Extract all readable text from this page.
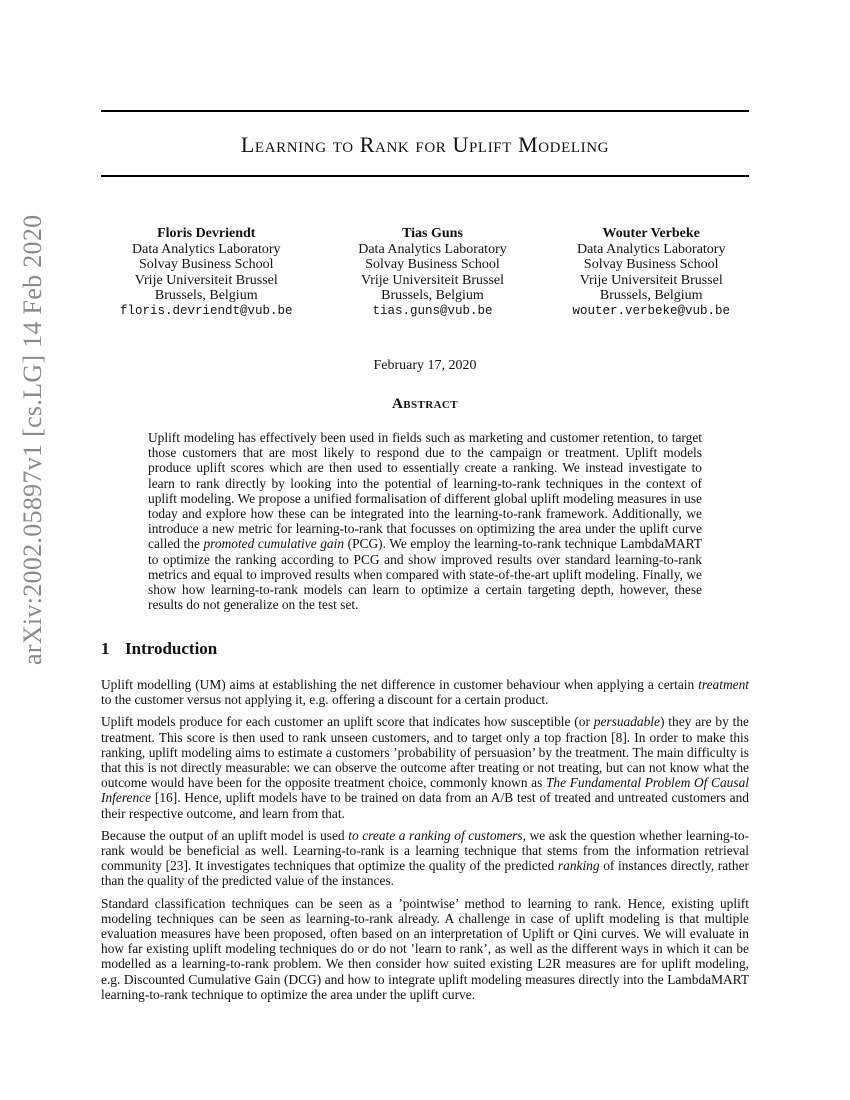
arXiv:2002.05897v1 [cs.LG] 14 Feb 2020
Learning to Rank for Uplift Modeling
Floris Devriendt
Data Analytics Laboratory
Solvay Business School
Vrije Universiteit Brussel
Brussels, Belgium
floris.devriendt@vub.be
Tias Guns
Data Analytics Laboratory
Solvay Business School
Vrije Universiteit Brussel
Brussels, Belgium
tias.guns@vub.be
Wouter Verbeke
Data Analytics Laboratory
Solvay Business School
Vrije Universiteit Brussel
Brussels, Belgium
wouter.verbeke@vub.be
February 17, 2020
Abstract
Uplift modeling has effectively been used in fields such as marketing and customer retention, to target those customers that are most likely to respond due to the campaign or treatment. Uplift models produce uplift scores which are then used to essentially create a ranking. We instead investigate to learn to rank directly by looking into the potential of learning-to-rank techniques in the context of uplift modeling. We propose a unified formalisation of different global uplift modeling measures in use today and explore how these can be integrated into the learning-to-rank framework. Additionally, we introduce a new metric for learning-to-rank that focusses on optimizing the area under the uplift curve called the promoted cumulative gain (PCG). We employ the learning-to-rank technique LambdaMART to optimize the ranking according to PCG and show improved results over standard learning-to-rank metrics and equal to improved results when compared with state-of-the-art uplift modeling. Finally, we show how learning-to-rank models can learn to optimize a certain targeting depth, however, these results do not generalize on the test set.
1 Introduction

Uplift modelling (UM) aims at establishing the net difference in customer behaviour when applying a certain treatment to the customer versus not applying it, e.g. offering a discount for a certain product.

Uplift models produce for each customer an uplift score that indicates how susceptible (or persuadable) they are by the treatment. This score is then used to rank unseen customers, and to target only a top fraction [8]. In order to make this ranking, uplift modeling aims to estimate a customers ’probability of persuasion’ by the treatment. The main difficulty is that this is not directly measurable: we can observe the outcome after treating or not treating, but can not know what the outcome would have been for the opposite treatment choice, commonly known as The Fundamental Problem Of Causal Inference [16]. Hence, uplift models have to be trained on data from an A/B test of treated and untreated customers and their respective outcome, and learn from that.

Because the output of an uplift model is used to create a ranking of customers, we ask the question whether learning-to-rank would be beneficial as well. Learning-to-rank is a learning technique that stems from the information retrieval community [23]. It investigates techniques that optimize the quality of the predicted ranking of instances directly, rather than the quality of the predicted value of the instances.

Standard classification techniques can be seen as a ’pointwise’ method to learning to rank. Hence, existing uplift modeling techniques can be seen as learning-to-rank already. A challenge in case of uplift modeling is that multiple evaluation measures have been proposed, often based on an interpretation of Uplift or Qini curves. We will evaluate in how far existing uplift modeling techniques do or do not ’learn to rank’, as well as the different ways in which it can be modelled as a learning-to-rank problem. We then consider how suited existing L2R measures are for uplift modeling, e.g. Discounted Cumulative Gain (DCG) and how to integrate uplift modeling measures directly into the LambdaMART learning-to-rank technique to optimize the area under the uplift curve.
